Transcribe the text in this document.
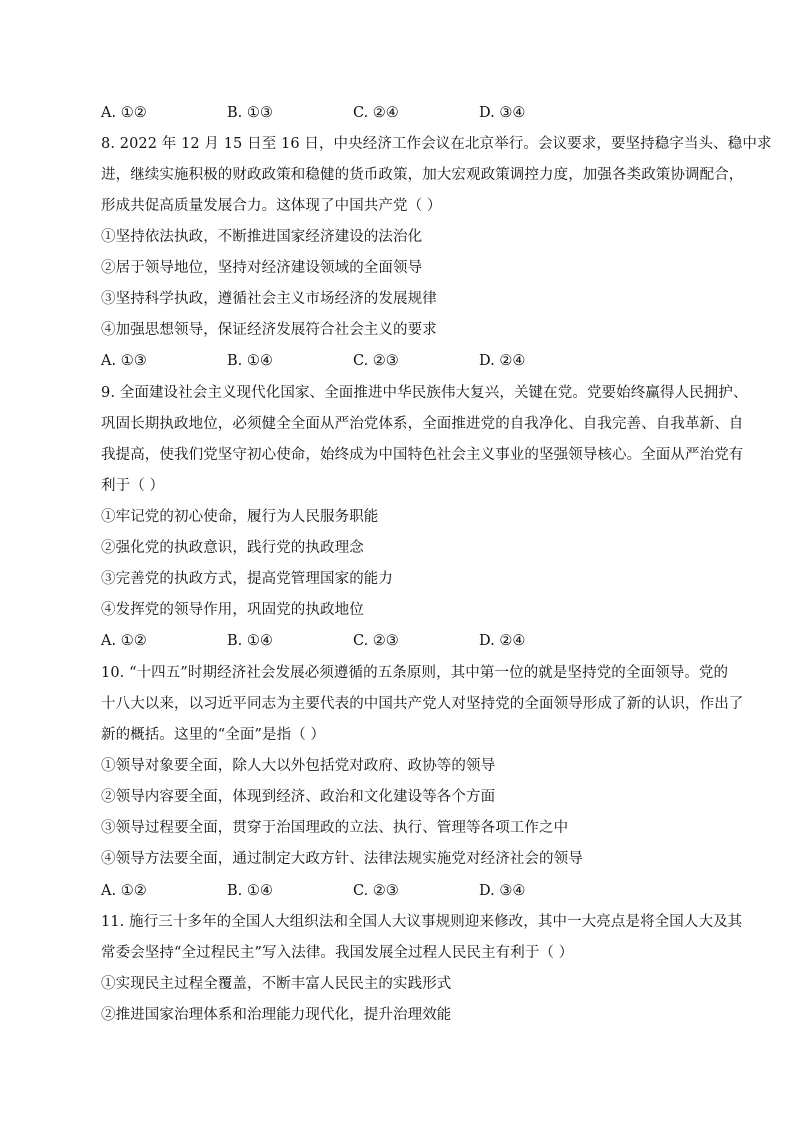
A. ①②	B. ①③	C. ②④	D. ③④
8. 2022 年 12 月 15 日至 16 日，中央经济工作会议在北京举行。会议要求，要坚持稳字当头、稳中求
进，继续实施积极的财政政策和稳健的货币政策，加大宏观政策调控力度，加强各类政策协调配合，
形成共促高质量发展合力。这体现了中国共产党（ ）
①坚持依法执政，不断推进国家经济建设的法治化
②居于领导地位，坚持对经济建设领域的全面领导
③坚持科学执政，遵循社会主义市场经济的发展规律
④加强思想领导，保证经济发展符合社会主义的要求
A. ①③	B. ①④	C. ②③	D. ②④
9. 全面建设社会主义现代化国家、全面推进中华民族伟大复兴，关键在党。党要始终赢得人民拥护、
巩固长期执政地位，必须健全全面从严治党体系，全面推进党的自我净化、自我完善、自我革新、自
我提高，使我们党坚守初心使命，始终成为中国特色社会主义事业的坚强领导核心。全面从严治党有
利于（ ）
①牢记党的初心使命，履行为人民服务职能
②强化党的执政意识，践行党的执政理念
③完善党的执政方式，提高党管理国家的能力
④发挥党的领导作用，巩固党的执政地位
A. ①②	B. ①④	C. ②③	D. ②④
10. “十四五”时期经济社会发展必须遵循的五条原则，其中第一位的就是坚持党的全面领导。党的
十八大以来，以习近平同志为主要代表的中国共产党人对坚持党的全面领导形成了新的认识，作出了
新的概括。这里的“全面”是指（ ）
①领导对象要全面，除人大以外包括党对政府、政协等的领导
②领导内容要全面，体现到经济、政治和文化建设等各个方面
③领导过程要全面，贯穿于治国理政的立法、执行、管理等各项工作之中
④领导方法要全面，通过制定大政方针、法律法规实施党对经济社会的领导
A. ①②	B. ①④	C. ②③	D. ③④
11. 施行三十多年的全国人大组织法和全国人大议事规则迎来修改，其中一大亮点是将全国人大及其
常委会坚持“全过程民主”写入法律。我国发展全过程人民民主有利于（ ）
①实现民主过程全覆盖，不断丰富人民民主的实践形式
②推进国家治理体系和治理能力现代化，提升治理效能
